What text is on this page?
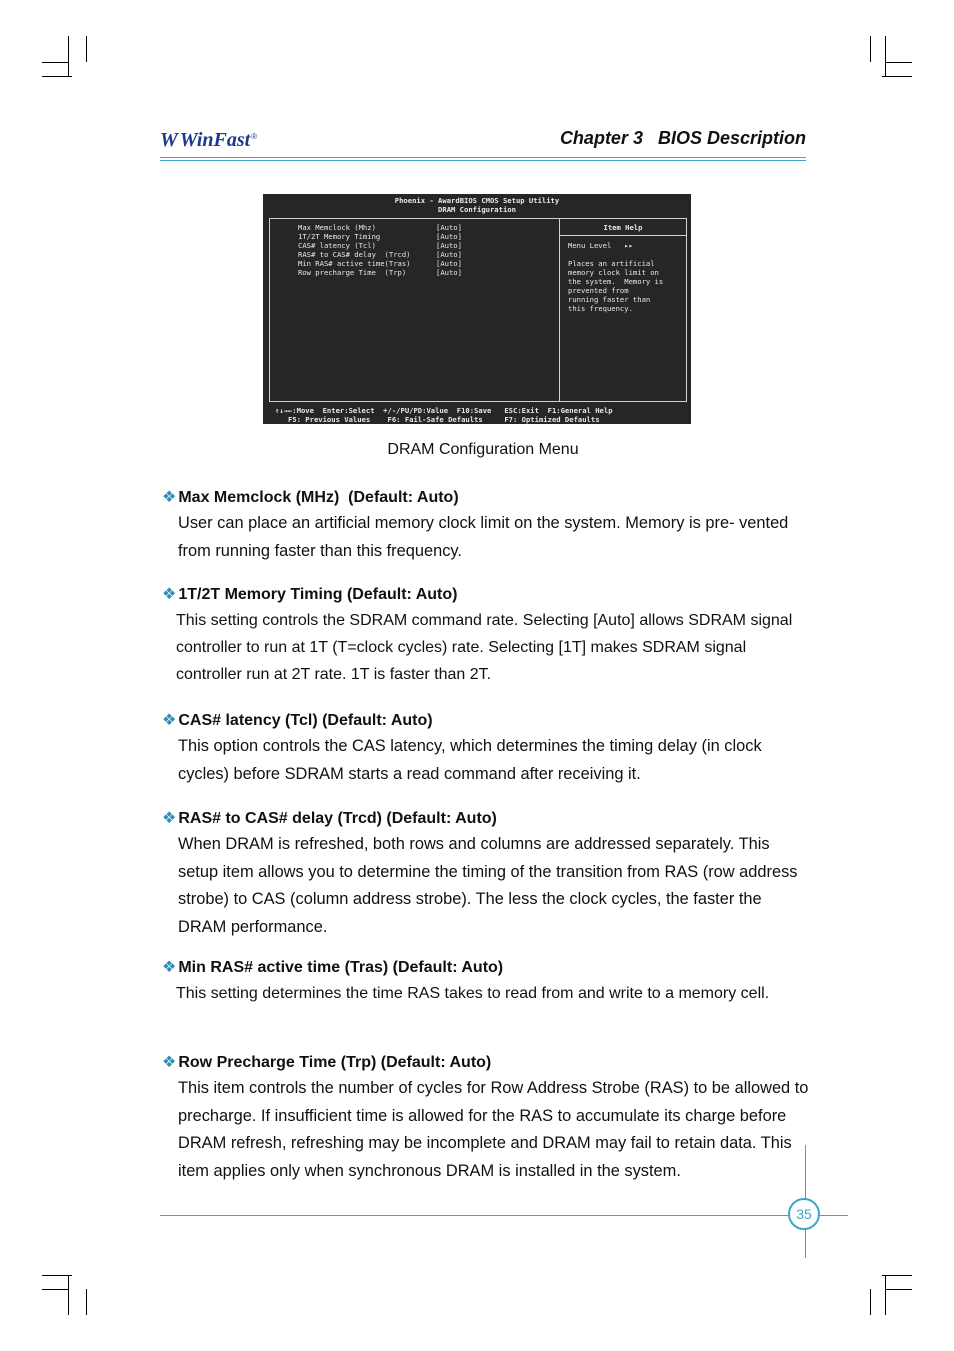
W WinFast ®	Chapter 3   BIOS Description
Phoenix - AwardBIOS CMOS Setup Utility
DRAM Configuration
Item Help
Max Memclock (Mhz)	[Auto]
1T/2T Memory Timing	[Auto]
CAS# latency (Tcl)	[Auto]
RAS# to CAS# delay  (Trcd)	[Auto]
Min RAS# active time(Tras)	[Auto]
Row precharge Time  (Trp)	[Auto]
Menu Level   ▸▸
Places an artificial
memory clock limit on
the system.  Memory is
prevented from
running faster than
this frequency.
↑↓→←:Move  Enter:Select  +/-/PU/PD:Value  F10:Save   ESC:Exit  F1:General Help
F5: Previous Values    F6: Fail-Safe Defaults     F7: Optimized Defaults
DRAM Configuration Menu
❖ Max Memclock (MHz)  (Default: Auto)
User can place an artificial memory clock limit on the system. Memory is pre- vented from running faster than this frequency.
❖ 1T/2T Memory Timing (Default: Auto)
This setting controls the SDRAM command rate. Selecting [Auto] allows SDRAM signal controller to run at 1T (T=clock cycles) rate. Selecting [1T] makes SDRAM signal controller run at 2T rate. 1T is faster than 2T.
❖ CAS# latency (Tcl) (Default: Auto)
This option controls the CAS latency, which determines the timing delay (in clock cycles) before SDRAM starts a read command after receiving it.
❖ RAS# to CAS# delay (Trcd) (Default: Auto)
When DRAM is refreshed, both rows and columns are addressed separately. This setup item allows you to determine the timing of the transition from RAS (row address strobe) to CAS (column address strobe). The less the clock cycles, the faster the DRAM performance.
❖ Min RAS# active time (Tras) (Default: Auto)
This setting determines the time RAS takes to read from and write to a memory cell.
❖ Row Precharge Time (Trp) (Default: Auto)
This item controls the number of cycles for Row Address Strobe (RAS) to be allowed to precharge. If insufficient time is allowed for the RAS to accumulate its charge before DRAM refresh, refreshing may be incomplete and DRAM may fail to retain data. This item applies only when synchronous DRAM is installed in the system.
35
